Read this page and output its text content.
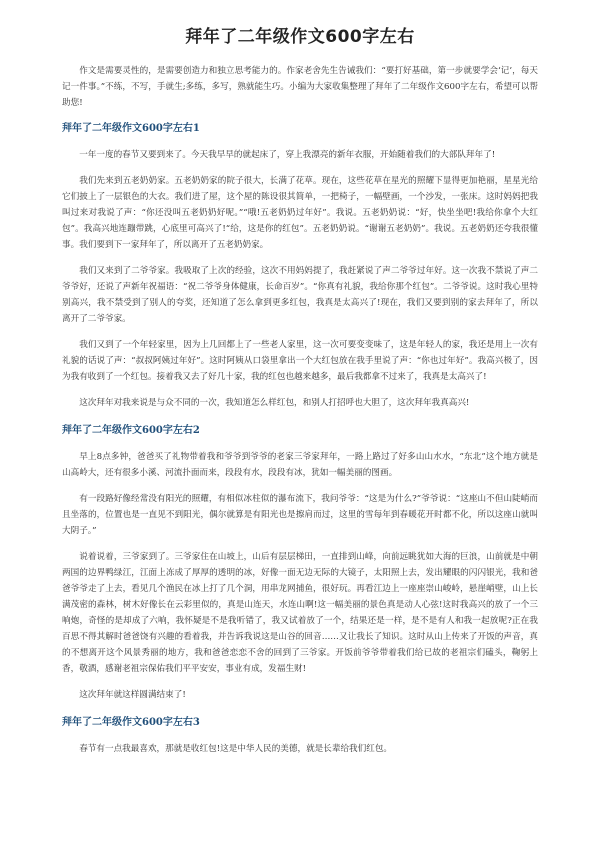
拜年了二年级作文600字左右

作文是需要灵性的，是需要创造力和独立思考能力的。作家老舍先生告诫我们：“要打好基础，第一步就要学会‘记’，每天记一件事。”不练，不写，手就生;多练，多写，熟就能生巧。小编为大家收集整理了拜年了二年级作文600字左右，希望可以帮助您!

拜年了二年级作文600字左右1

一年一度的春节又要到来了。今天我早早的就起床了，穿上我漂亮的新年衣服，开始随着我们的大部队拜年了!

我们先来到五老奶奶家。五老奶奶家的院子很大，长满了花草。现在，这些花草在星光的照耀下显得更加艳丽，星星光给它们披上了一层银色的大衣。我们进了屋，这个屋的陈设很其简单，一把椅子，一幅壁画，一个沙发，一张床。这时妈妈把我叫过来对我说了声：“你还没叫五老奶奶好呢。”“哦!五老奶奶过年好”。我说。五老奶奶说：“好，快坐坐吧!我给你拿个大红包”。我高兴地连蹦带跳，心底里可高兴了!“给，这是你的红包”。五老奶奶说。“谢谢五老奶奶”。我说。五老奶奶还夸我很懂事。我们要到下一家拜年了，所以离开了五老奶奶家。

我们又来到了二爷爷家。我吸取了上次的经验，这次不用妈妈提了，我赶紧说了声二爷爷过年好。这一次我不禁说了声二爷爷好，还说了声新年祝福语：“祝二爷爷身体健康，长命百岁”。“你真有礼貌，我给你那个红包”。二爷爷说。这时我心里特别高兴，我不禁受到了别人的夸奖，还知道了怎么拿到更多红包，我真是太高兴了!现在，我们又要到别的家去拜年了，所以离开了二爷爷家。

我们又到了一个年轻家里，因为上几回都上了一些老人家里，这一次可要变变味了，这是年轻人的家，我还是用上一次有礼貌的话说了声：“叔叔阿姨过年好”。这时阿姨从口袋里拿出一个大红包放在我手里说了声：“你也过年好”。我高兴极了，因为我有收到了一个红包。接着我又去了好几十家，我的红包也越来越多，最后我都拿不过来了，我真是太高兴了!

这次拜年对我来说是与众不同的一次，我知道怎么样红包，和别人打招呼也大胆了，这次拜年我真高兴!

拜年了二年级作文600字左右2

早上8点多钟，爸爸买了礼物带着我和爷爷到爷爷的老家三爷家拜年，一路上路过了好多山山水水，“东北”这个地方就是山高岭大，还有很多小溪、河流扑面而来，段段有水，段段有冰，犹如一幅美丽的图画。

有一段路好像经常没有阳光的照耀，有相似冰柱似的瀑布流下，我问爷爷：“这是为什么?”爷爷说：“这座山不但山陡峭而且坐落的，位置也是一直见不到阳光，偶尔就算是有阳光也是擦肩而过，这里的雪每年到春暖花开时都不化，所以这座山就叫大阴子。”

说着说着，三爷家到了。三爷家住在山坡上，山后有层层梯田，一直排到山峰，向前远眺犹如大海的巨浪，山前就是中朝两国的边界鸭绿江，江面上冻成了厚厚的透明的冰，好像一面无边无际的大镜子，太阳照上去，发出耀眼的闪闪银光，我和爸爸爷爷走了上去，看见几个渔民在冰上打了几个洞，用串龙网捕鱼，很好玩。再看江边上一座座崇山峻岭，悬崖峭壁，山上长满茂密的森林，树木好像长在云彩里似的，真是山连天，水连山啊!这一幅美丽的景色真是动人心弦!这时我高兴的放了一个三响炮，奇怪的是却成了六响，我怀疑是不是我听错了，我又试着放了一个，结果还是一样，是不是有人和我一起放呢?正在我百思不得其解时爸爸饶有兴趣的看着我，并告诉我说这是山谷的回音……又让我长了知识。这时从山上传来了开饭的声音，真的不想离开这个风景秀丽的地方，我和爸爸恋恋不舍的回到了三爷家。开饭前爷爷带着我们给已故的老祖宗们磕头，鞠躬上香，敬酒，感谢老祖宗保佑我们平平安安，事业有成，发福生财!

这次拜年就这样圆满结束了!

拜年了二年级作文600字左右3

春节有一点我最喜欢，那就是收红包!这是中华人民的美德，就是长辈给我们红包。
